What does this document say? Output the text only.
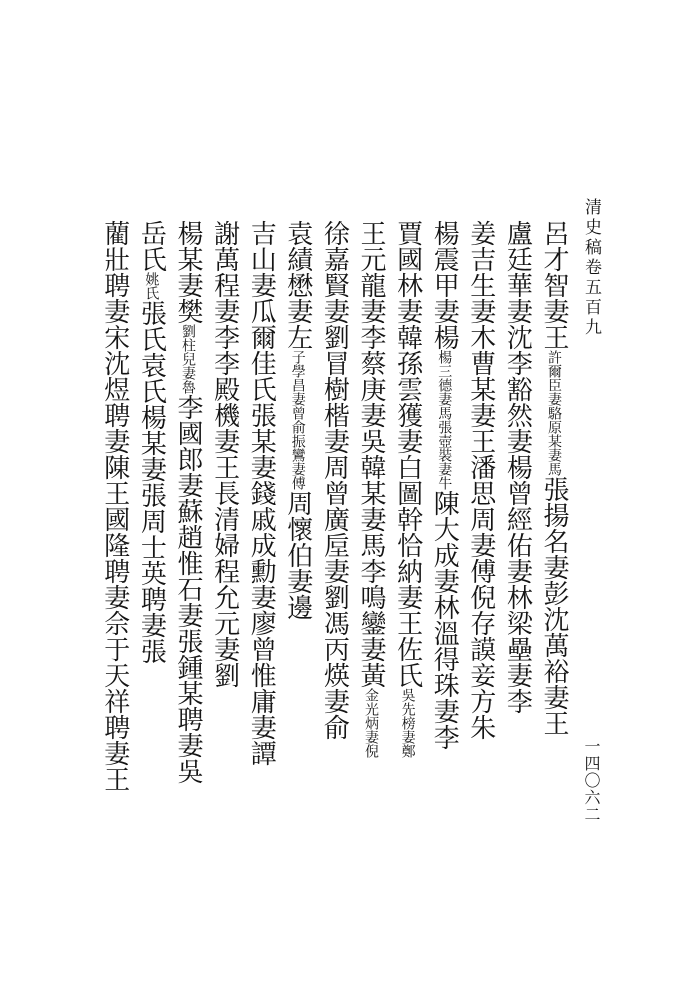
清史稿卷五百九
一四〇六二
呂才智妻王許爾臣妻駱原某妻馬張揚名妻彭沈萬裕妻王
盧廷華妻沈李豁然妻楊曾經佑妻林梁壘妻李
姜吉生妻木曹某妻王潘思周妻傅倪存謨妾方朱
楊震甲妻楊楊三德妻馬張壺裝妻牛陳大成妻林溫得珠妻李
賈國林妻韓孫雲獲妻白圖幹恰納妻王佐氏吳先榜妻鄭
王元龍妻李蔡庚妻吳韓某妻馬李鳴鑾妻黃金光炳妻倪
徐嘉賢妻劉冒樹楷妻周曾廣垕妻劉馮丙煐妻俞
袁績懋妻左子學昌妻曾俞振鸞妻傅周懷伯妻邊
吉山妻瓜爾佳氏張某妻錢戚成勳妻廖曾惟庸妻譚
謝萬程妻李李殿機妻王長清婦程允元妻劉
楊某妻樊劉柱兒妻魯李國郎妻蘇趙惟石妻張鍾某聘妻吳
岳氏姚氏張氏袁氏楊某妻張周士英聘妻張
藺壯聘妻宋沈煜聘妻陳王國隆聘妻佘于天祥聘妻王
